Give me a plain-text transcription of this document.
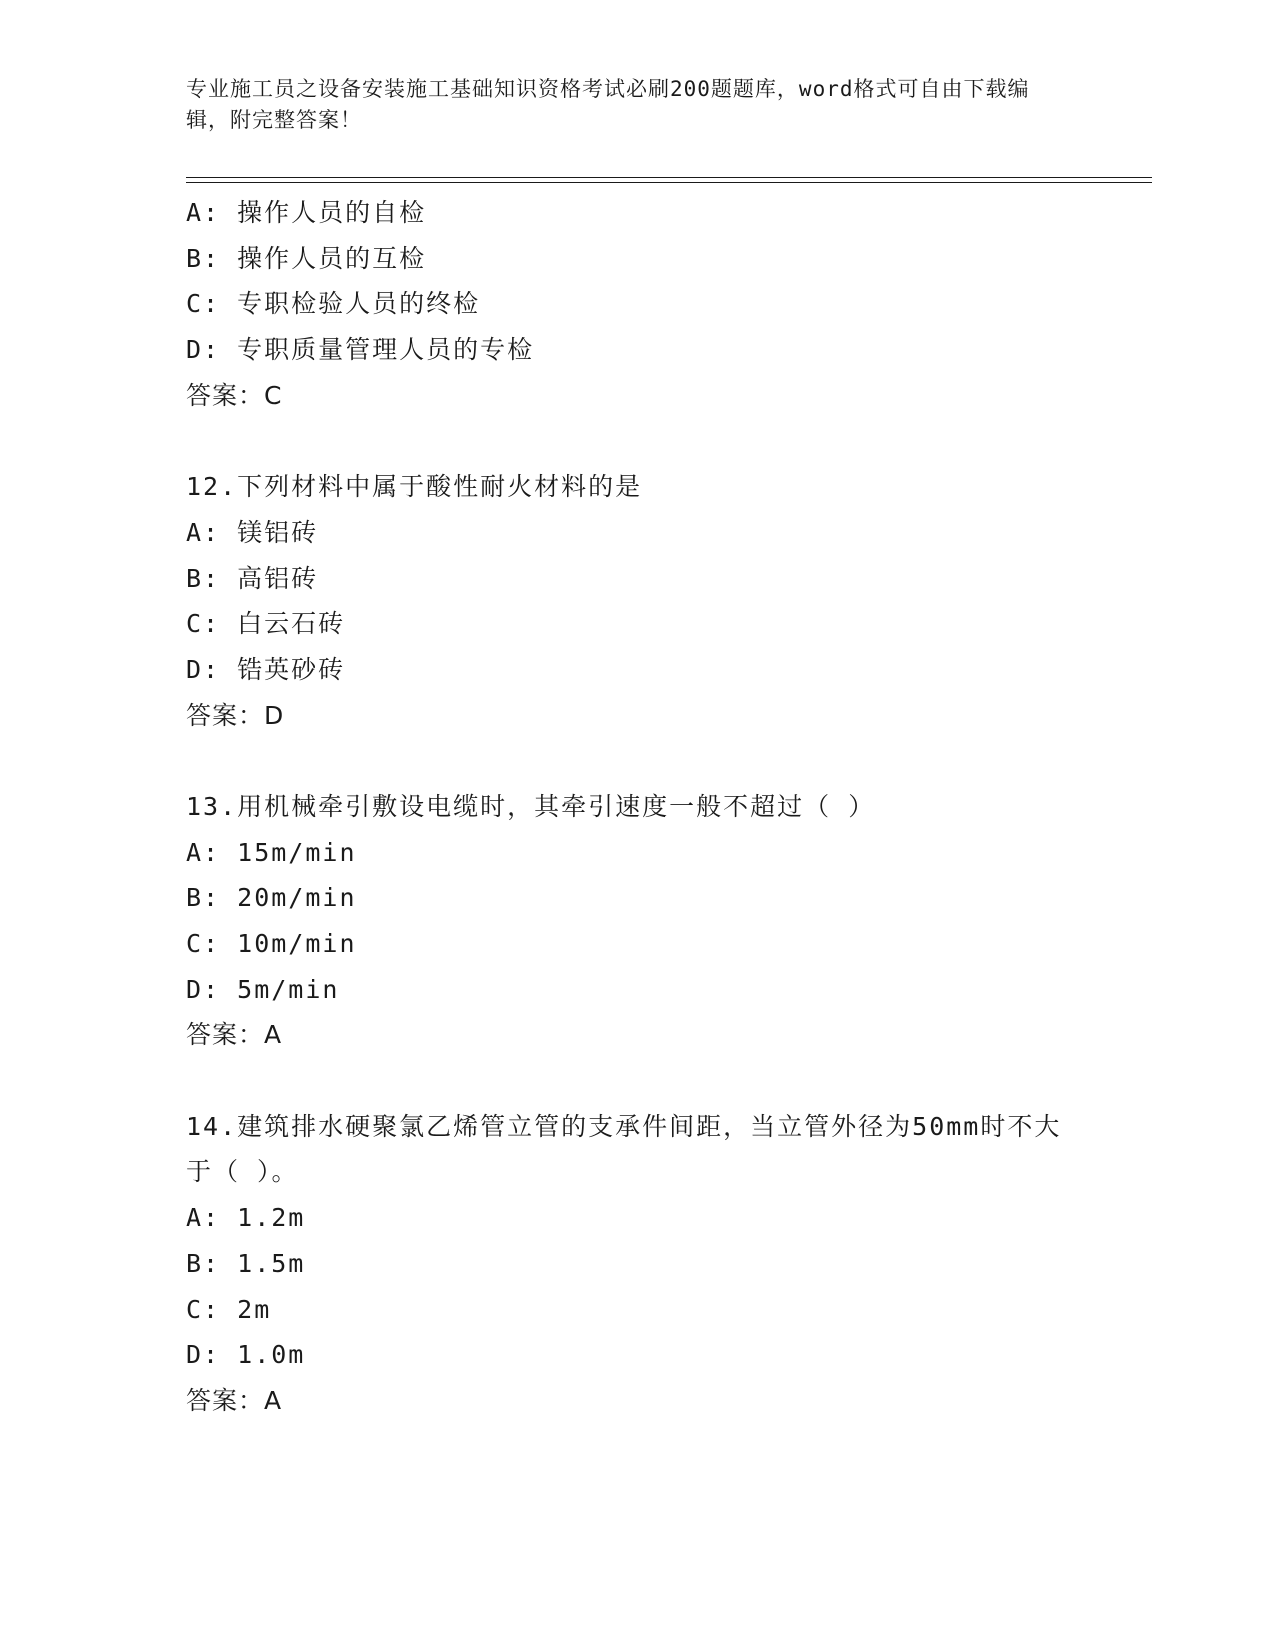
专业施工员之设备安装施工基础知识资格考试必刷200题题库，word格式可自由下载编辑，附完整答案！
A: 操作人员的自检
B: 操作人员的互检
C: 专职检验人员的终检
D: 专职质量管理人员的专检
答案：C
12.下列材料中属于酸性耐火材料的是
A: 镁铝砖
B: 高铝砖
C: 白云石砖
D: 锆英砂砖
答案：D
13.用机械牵引敷设电缆时，其牵引速度一般不超过（ ）
A: 15m/min
B: 20m/min
C: 10m/min
D: 5m/min
答案：A
14.建筑排水硬聚氯乙烯管立管的支承件间距，当立管外径为50mm时不大于（ ）。
A: 1.2m
B: 1.5m
C: 2m
D: 1.0m
答案：A
